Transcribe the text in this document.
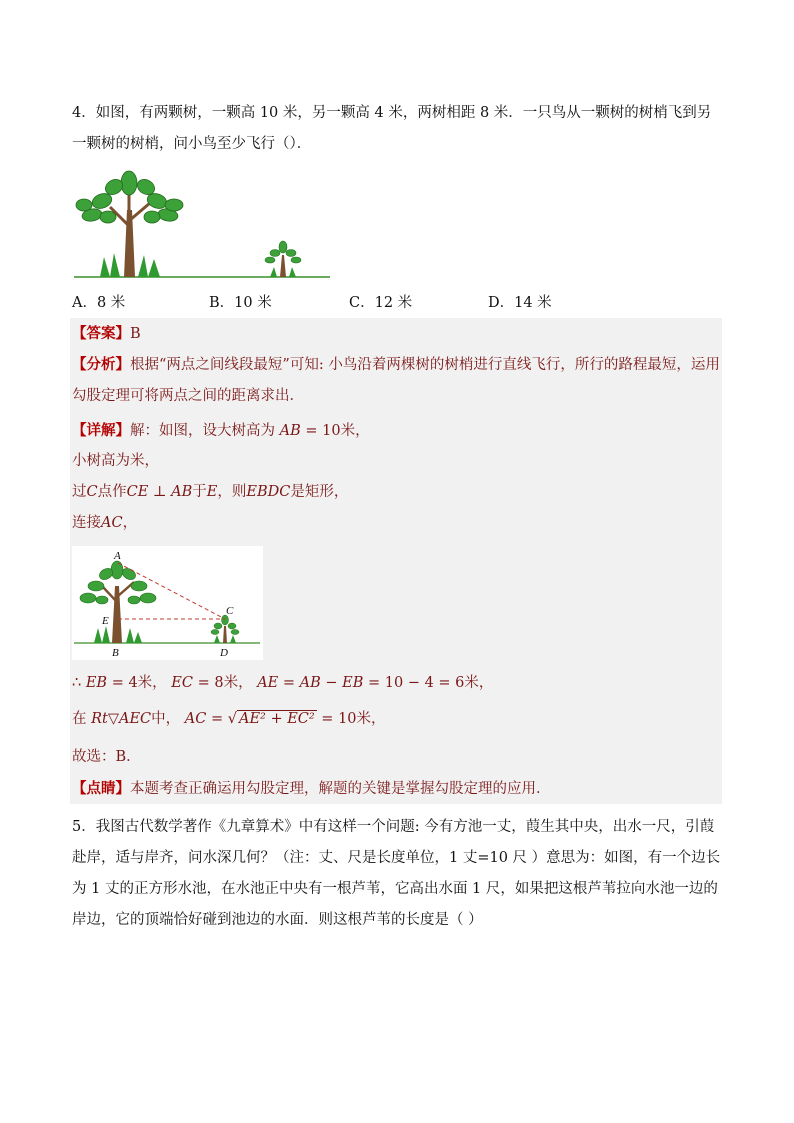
4．如图，有两颗树，一颗高 10 米，另一颗高 4 米，两树相距 8 米．一只鸟从一颗树的树梢飞到另一颗树的树梢，问小鸟至少飞行（）．
A．8 米	B．10 米	C．12 米	D．14 米
【答案】B
【分析】根据“两点之间线段最短”可知: 小鸟沿着两棵树的树梢进行直线飞行，所行的路程最短，运用勾股定理可将两点之间的距离求出．
【详解】解：如图，设大树高为 AB = 10米，
小树高为米，
过C点作CE ⊥ AB于E，则EBDC是矩形，
连接AC，
A
C
E
B	D
∴ EB = 4米， EC = 8米， AE = AB − EB = 10 − 4 = 6米，
在 Rt▽AEC中， AC = √ AE² + EC² = 10米，
故选：B．
【点睛】本题考查正确运用勾股定理，解题的关键是掌握勾股定理的应用．
5．我图古代数学著作《九章算术》中有这样一个问题: 今有方池一丈，葭生其中央，出水一尺，引葭赴岸，适与岸齐，问水深几何？（注：丈、尺是长度单位，1 丈=10 尺 ）意思为：如图，有一个边长为 1 丈的正方形水池，在水池正中央有一根芦苇，它高出水面 1 尺，如果把这根芦苇拉向水池一边的岸边，它的顶端恰好碰到池边的水面．则这根芦苇的长度是（ ）
